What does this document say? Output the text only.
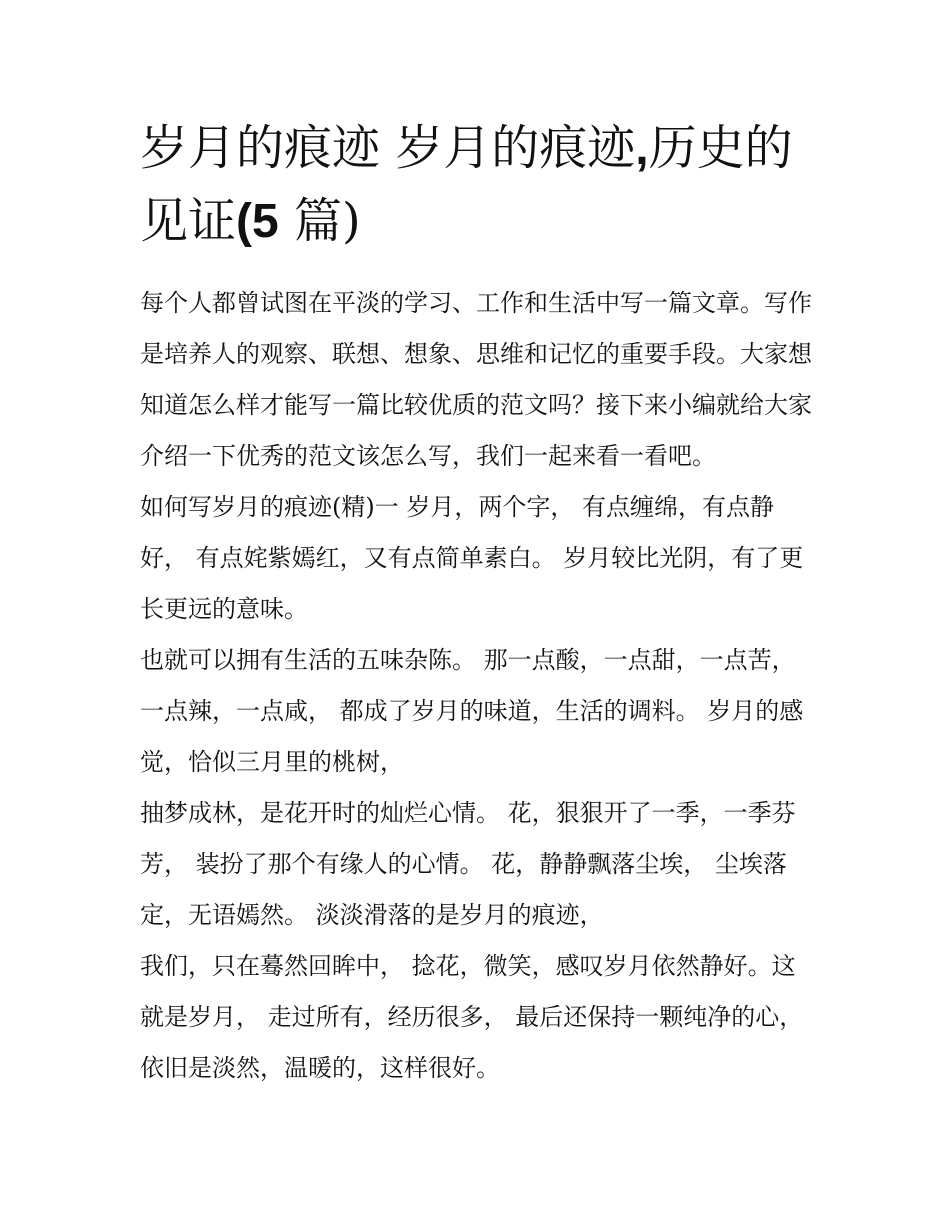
岁月的痕迹 岁月的痕迹,历史的见证(5 篇)

每个人都曾试图在平淡的学习、工作和生活中写一篇文章。写作是培养人的观察、联想、想象、思维和记忆的重要手段。大家想知道怎么样才能写一篇比较优质的范文吗？接下来小编就给大家介绍一下优秀的范文该怎么写，我们一起来看一看吧。

如何写岁月的痕迹(精)一 岁月，两个字， 有点缠绵，有点静好， 有点姹紫嫣红，又有点简单素白。 岁月较比光阴，有了更长更远的意味。

也就可以拥有生活的五味杂陈。 那一点酸，一点甜，一点苦， 一点辣，一点咸， 都成了岁月的味道，生活的调料。 岁月的感觉，恰似三月里的桃树，

抽梦成林，是花开时的灿烂心情。 花，狠狠开了一季，一季芬芳， 装扮了那个有缘人的心情。 花，静静飘落尘埃， 尘埃落定，无语嫣然。 淡淡滑落的是岁月的痕迹，

我们，只在蓦然回眸中， 捻花，微笑，感叹岁月依然静好。这就是岁月， 走过所有，经历很多， 最后还保持一颗纯净的心， 依旧是淡然，温暖的，这样很好。
